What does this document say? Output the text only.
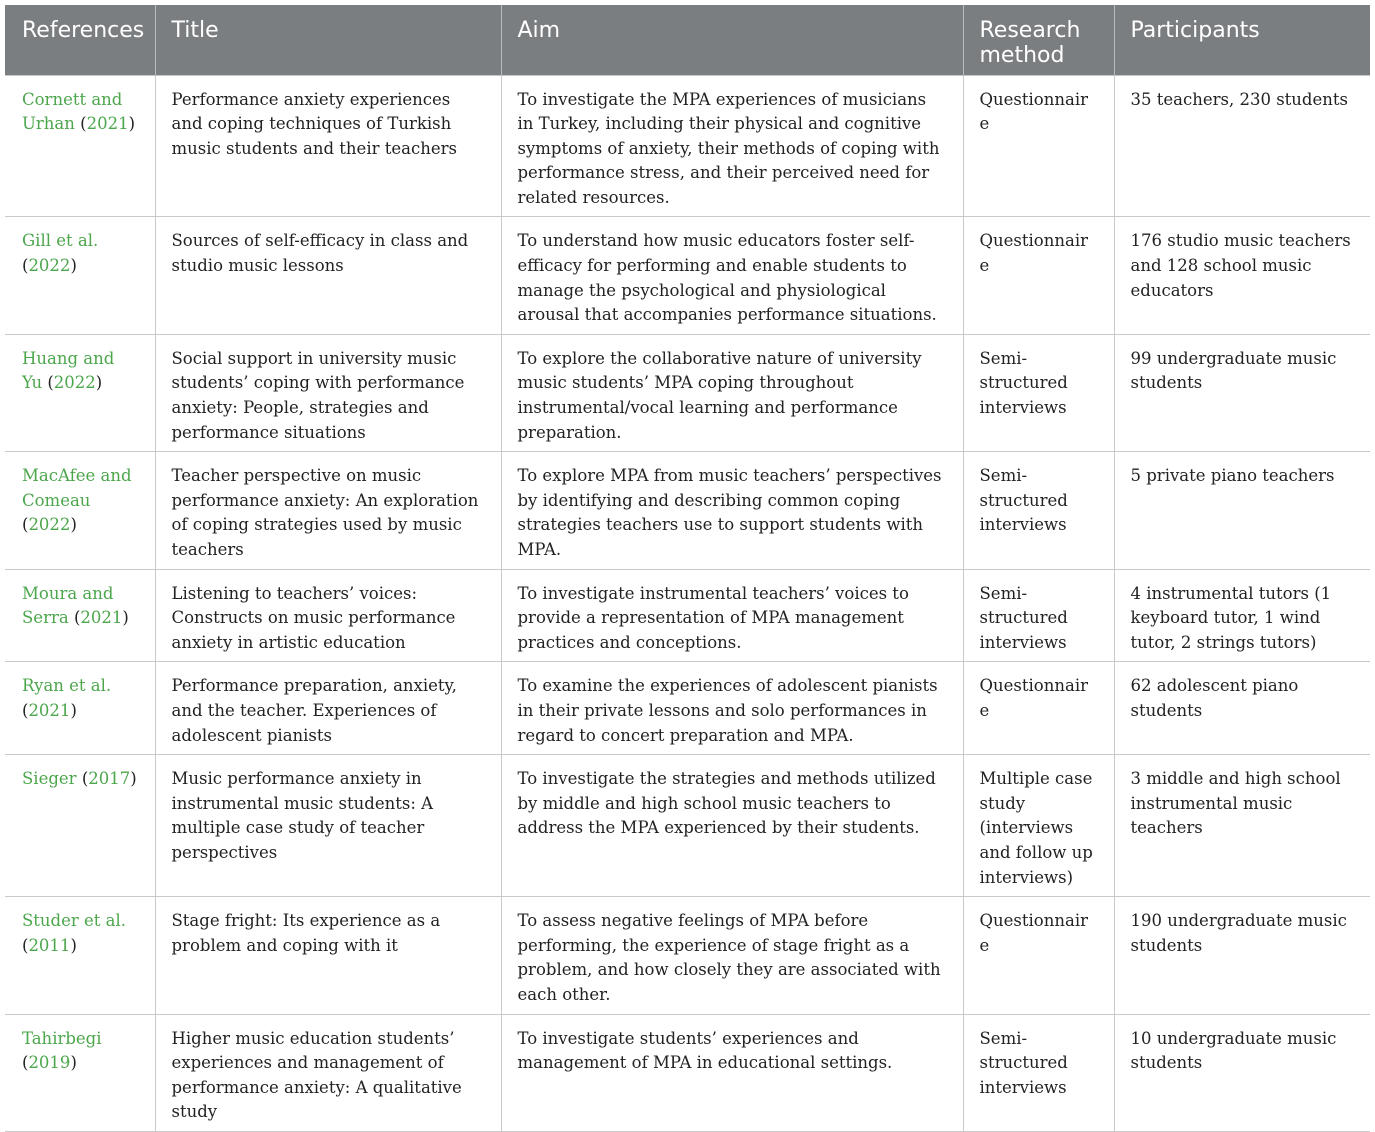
References	Title	Aim	Research method	Participants
Cornett and Urhan (2021)	Performance anxiety experiences and coping techniques of Turkish music students and their teachers	To investigate the MPA experiences of musicians in Turkey, including their physical and cognitive symptoms of anxiety, their methods of coping with performance stress, and their perceived need for related resources.	Questionnaire	35 teachers, 230 students
Gill et al. (2022)	Sources of self-efficacy in class and studio music lessons	To understand how music educators foster self-efficacy for performing and enable students to manage the psychological and physiological arousal that accompanies performance situations.	Questionnaire	176 studio music teachers and 128 school music educators
Huang and Yu (2022)	Social support in university music students’ coping with performance anxiety: People, strategies and performance situations	To explore the collaborative nature of university music students’ MPA coping throughout instrumental/vocal learning and performance preparation.	Semi-structured interviews	99 undergraduate music students
MacAfee and Comeau (2022)	Teacher perspective on music performance anxiety: An exploration of coping strategies used by music teachers	To explore MPA from music teachers’ perspectives by identifying and describing common coping strategies teachers use to support students with MPA.	Semi-structured interviews	5 private piano teachers
Moura and Serra (2021)	Listening to teachers’ voices: Constructs on music performance anxiety in artistic education	To investigate instrumental teachers’ voices to provide a representation of MPA management practices and conceptions.	Semi-structured interviews	4 instrumental tutors (1 keyboard tutor, 1 wind tutor, 2 strings tutors)
Ryan et al. (2021)	Performance preparation, anxiety, and the teacher. Experiences of adolescent pianists	To examine the experiences of adolescent pianists in their private lessons and solo performances in regard to concert preparation and MPA.	Questionnaire	62 adolescent piano students
Sieger (2017)	Music performance anxiety in instrumental music students: A multiple case study of teacher perspectives	To investigate the strategies and methods utilized by middle and high school music teachers to address the MPA experienced by their students.	Multiple case study (interviews and follow up interviews)	3 middle and high school instrumental music teachers
Studer et al. (2011)	Stage fright: Its experience as a problem and coping with it	To assess negative feelings of MPA before performing, the experience of stage fright as a problem, and how closely they are associated with each other.	Questionnaire	190 undergraduate music students
Tahirbegi (2019)	Higher music education students’ experiences and management of performance anxiety: A qualitative study	To investigate students’ experiences and management of MPA in educational settings.	Semi-structured interviews	10 undergraduate music students
